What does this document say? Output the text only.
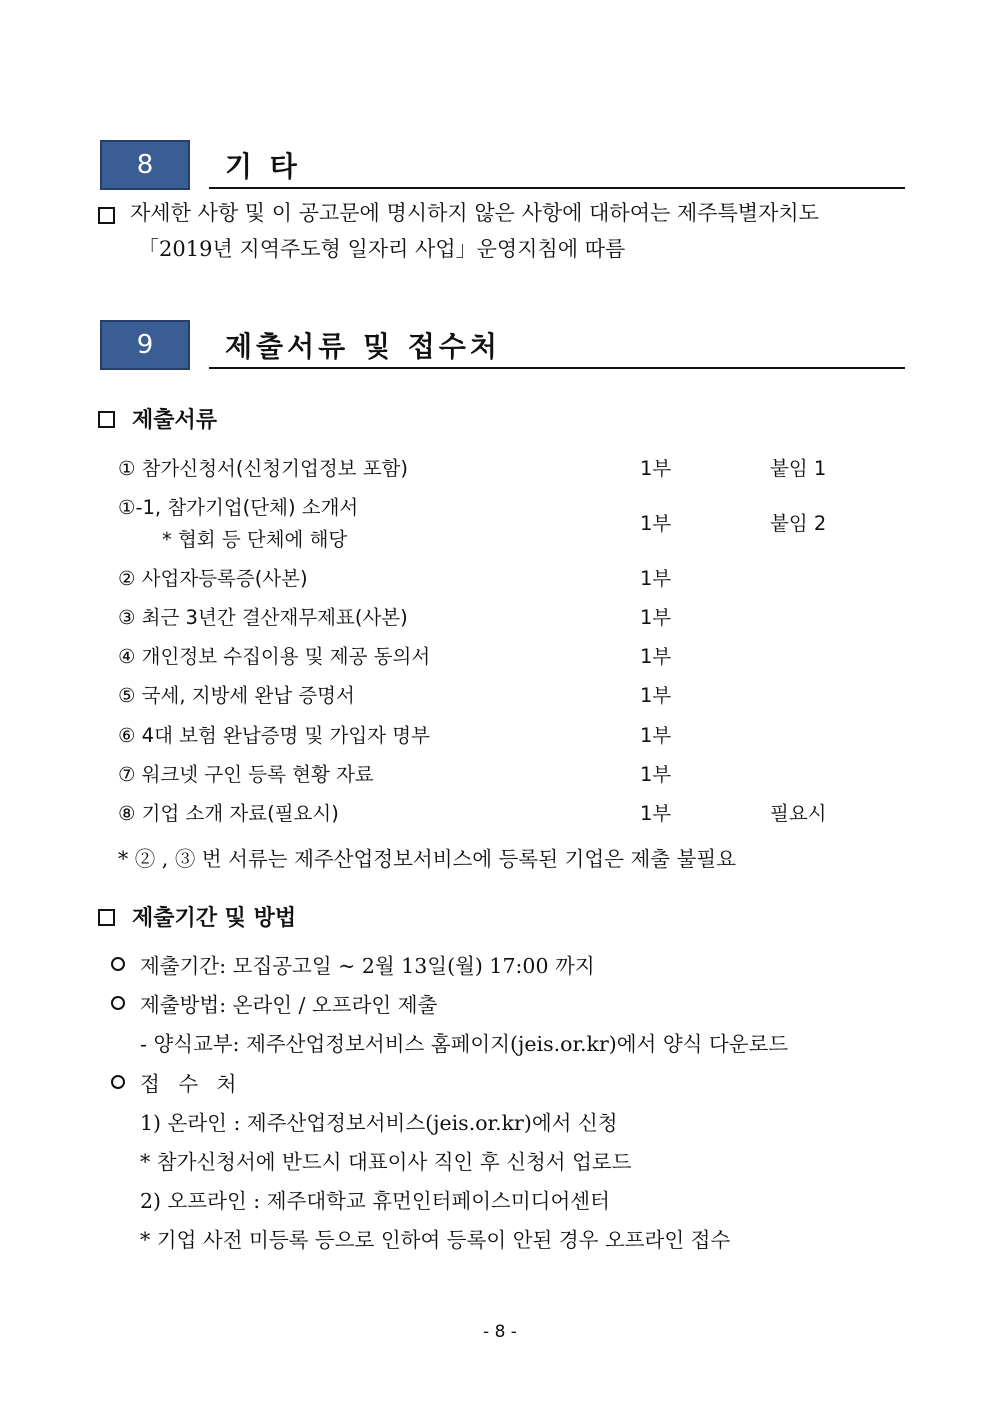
8	기 타
자세한 사항 및 이 공고문에 명시하지 않은 사항에 대하여는 제주특별자치도
「2019년 지역주도형 일자리 사업」운영지침에 따름
9	제출서류 및 접수처
제출서류
① 참가신청서(신청기업정보 포함)	1부	붙임 1
①-1, 참가기업(단체) 소개서
* 협회 등 단체에 해당
1부	붙임 2
② 사업자등록증(사본)	1부
③ 최근 3년간 결산재무제표(사본)	1부
④ 개인정보 수집이용 및 제공 동의서	1부
⑤ 국세, 지방세 완납 증명서	1부
⑥ 4대 보험 완납증명 및 가입자 명부	1부
⑦ 워크넷 구인 등록 현황 자료	1부
⑧ 기업 소개 자료(필요시)	1부	필요시
* ② , ③ 번 서류는 제주산업정보서비스에 등록된 기업은 제출 불필요
제출기간 및 방법
제출기간: 모집공고일 ~ 2월 13일(월) 17:00 까지
제출방법: 온라인 / 오프라인 제출
- 양식교부: 제주산업정보서비스 홈페이지(jeis.or.kr)에서 양식 다운로드
접 수 처
1) 온라인 : 제주산업정보서비스(jeis.or.kr)에서 신청
* 참가신청서에 반드시 대표이사 직인 후 신청서 업로드
2) 오프라인 : 제주대학교 휴먼인터페이스미디어센터
* 기업 사전 미등록 등으로 인하여 등록이 안된 경우 오프라인 접수
- 8 -
